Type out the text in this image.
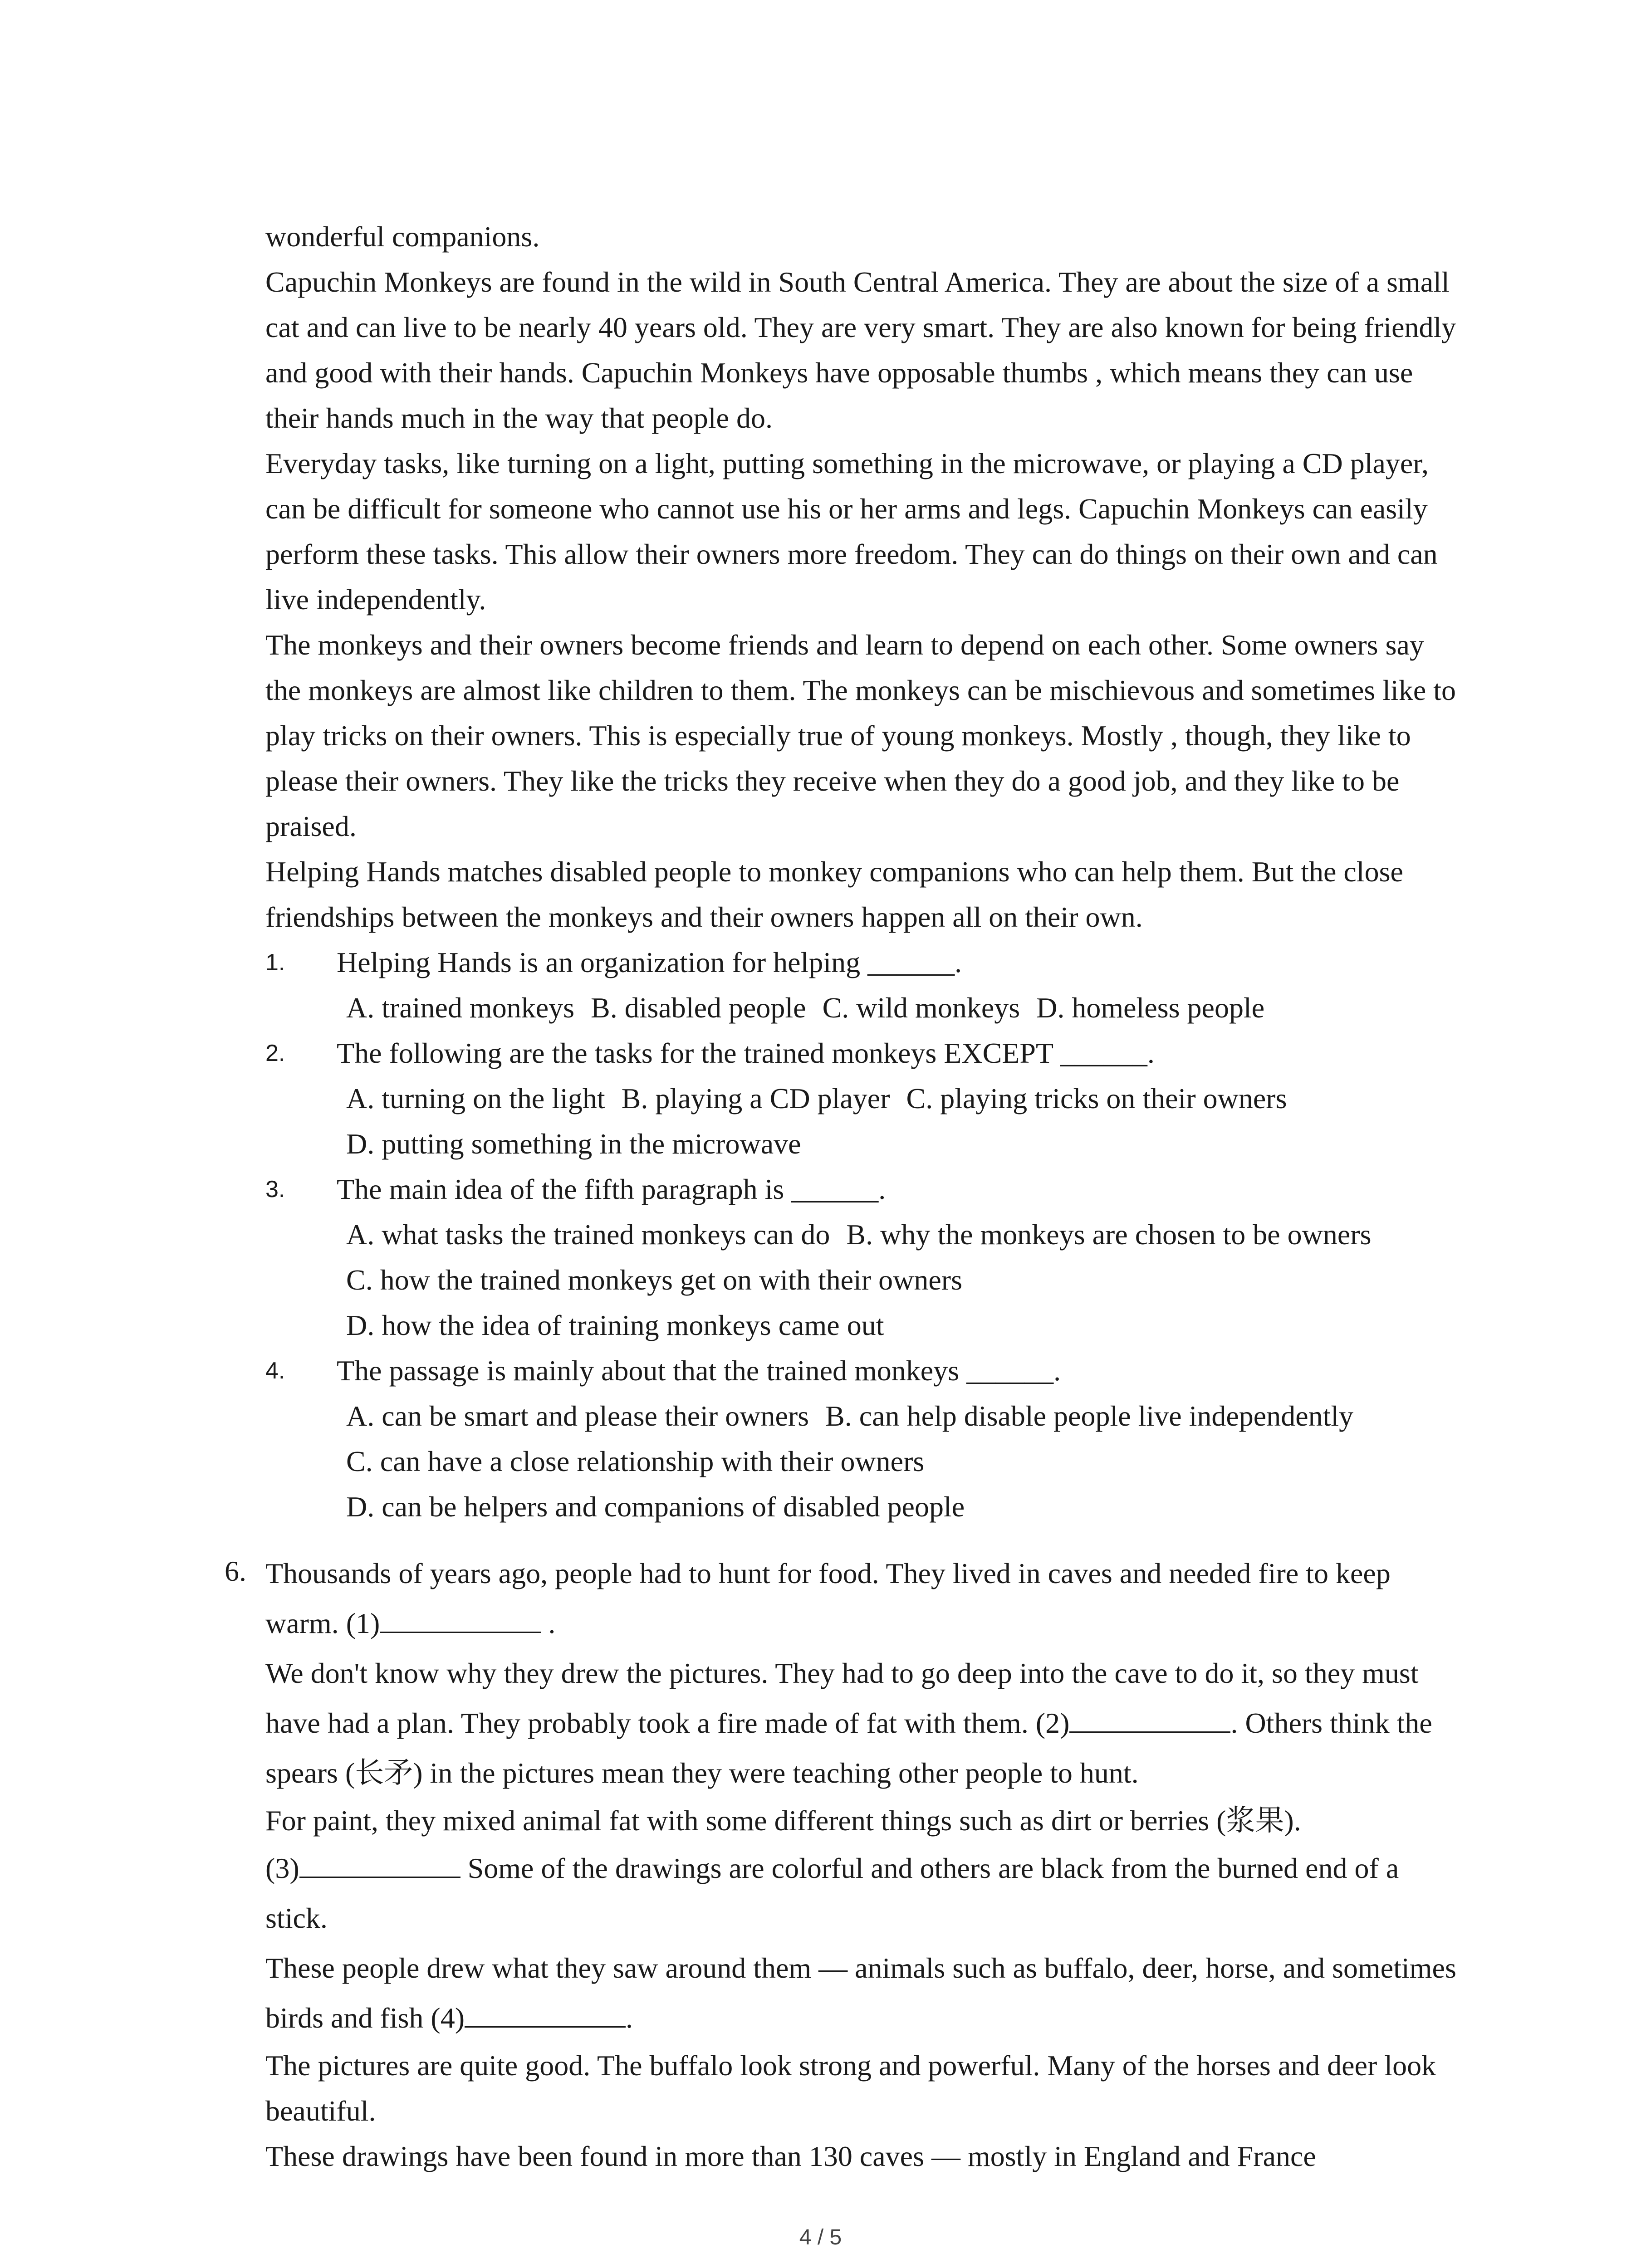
wonderful companions.

Capuchin Monkeys are found in the wild in South Central America. They are about the size of a small cat and can live to be nearly 40 years old. They are very smart. They are also known for being friendly and good with their hands. Capuchin Monkeys have opposable thumbs , which means they can use their hands much in the way that people do.

Everyday tasks, like turning on a light, putting something in the microwave, or playing a CD player, can be difficult for someone who cannot use his or her arms and legs. Capuchin Monkeys can easily perform these tasks. This allow their owners more freedom. They can do things on their own and can live independently.

The monkeys and their owners become friends and learn to depend on each other. Some owners say the monkeys are almost like children to them. The monkeys can be mischievous and sometimes like to play tricks on their owners. This is especially true of young monkeys. Mostly , though, they like to please their owners. They like the tricks they receive when they do a good job, and they like to be praised.

Helping Hands matches disabled people to monkey companions who can help them. But the close friendships between the monkeys and their owners happen all on their own.

1. Helping Hands is an organization for helping ______.

A. trained monkeys B. disabled people C. wild monkeys D. homeless people

2. The following are the tasks for the trained monkeys EXCEPT ______.

A. turning on the light B. playing a CD player C. playing tricks on their owners

D. putting something in the microwave

3. The main idea of the fifth paragraph is ______.

A. what tasks the trained monkeys can do B. why the monkeys are chosen to be owners

C. how the trained monkeys get on with their owners

D. how the idea of training monkeys came out

4. The passage is mainly about that the trained monkeys ______.

A. can be smart and please their owners B. can help disable people live independently

C. can have a close relationship with their owners

D. can be helpers and companions of disabled people

6. Thousands of years ago, people had to hunt for food. They lived in caves and needed fire to keep warm. (1)	.

We don't know why they drew the pictures. They had to go deep into the cave to do it, so they must have had a plan. They probably took a fire made of fat with them. (2)	. Others think the spears (长矛) in the pictures mean they were teaching other people to hunt.

For paint, they mixed animal fat with some different things such as dirt or berries (浆果).

(3)	Some of the drawings are colorful and others are black from the burned end of a stick.

These people drew what they saw around them — animals such as buffalo, deer, horse, and sometimes birds and fish (4)	.

The pictures are quite good. The buffalo look strong and powerful. Many of the horses and deer look beautiful.

These drawings have been found in more than 130 caves — mostly in England and France

4 / 5
